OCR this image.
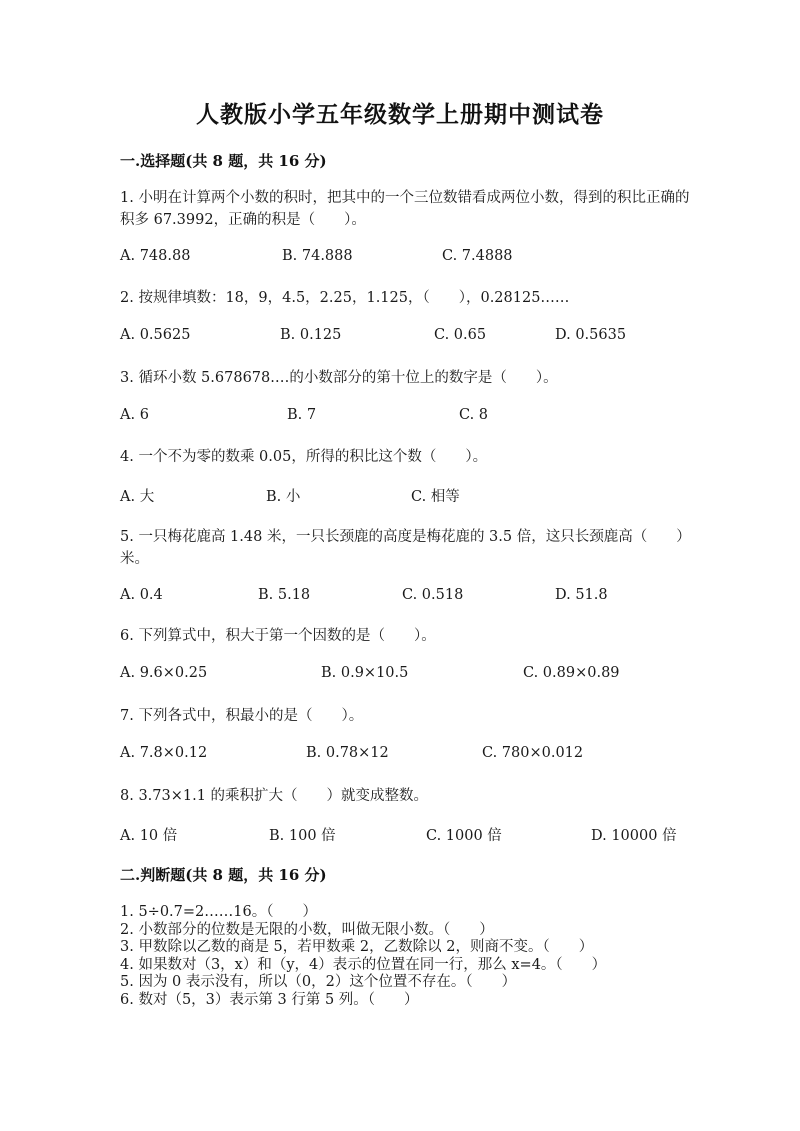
人教版小学五年级数学上册期中测试卷
一.选择题(共 8 题，共 16 分)
1. 小明在计算两个小数的积时，把其中的一个三位数错看成两位小数，得到的积比正确的积多 67.3992，正确的积是（　　）。
A. 748.88	B. 74.888	C. 7.4888
2. 按规律填数：18，9，4.5，2.25，1.125，（　　），0.28125……
A. 0.5625	B. 0.125	C. 0.65	D. 0.5635
3. 循环小数 5.678678.…的小数部分的第十位上的数字是（　　）。
A. 6	B. 7	C. 8
4. 一个不为零的数乘 0.05，所得的积比这个数（　　）。
A. 大	B. 小	C. 相等
5. 一只梅花鹿高 1.48 米，一只长颈鹿的高度是梅花鹿的 3.5 倍，这只长颈鹿高（　　）米。
A. 0.4	B. 5.18	C. 0.518	D. 51.8
6. 下列算式中，积大于第一个因数的是（　　）。
A. 9.6×0.25	B. 0.9×10.5	C. 0.89×0.89
7. 下列各式中，积最小的是（　　）。
A. 7.8×0.12	B. 0.78×12	C. 780×0.012
8. 3.73×1.1 的乘积扩大（　　）就变成整数。
A. 10 倍	B. 100 倍	C. 1000 倍	D. 10000 倍
二.判断题(共 8 题，共 16 分)
1. 5÷0.7=2……16。（　　）
2. 小数部分的位数是无限的小数，叫做无限小数。（　　）
3. 甲数除以乙数的商是 5，若甲数乘 2，乙数除以 2，则商不变。（　　）
4. 如果数对（3，x）和（y，4）表示的位置在同一行，那么 x=4。（　　）
5. 因为 0 表示没有，所以（0，2）这个位置不存在。（　　）
6. 数对（5，3）表示第 3 行第 5 列。（　　）
